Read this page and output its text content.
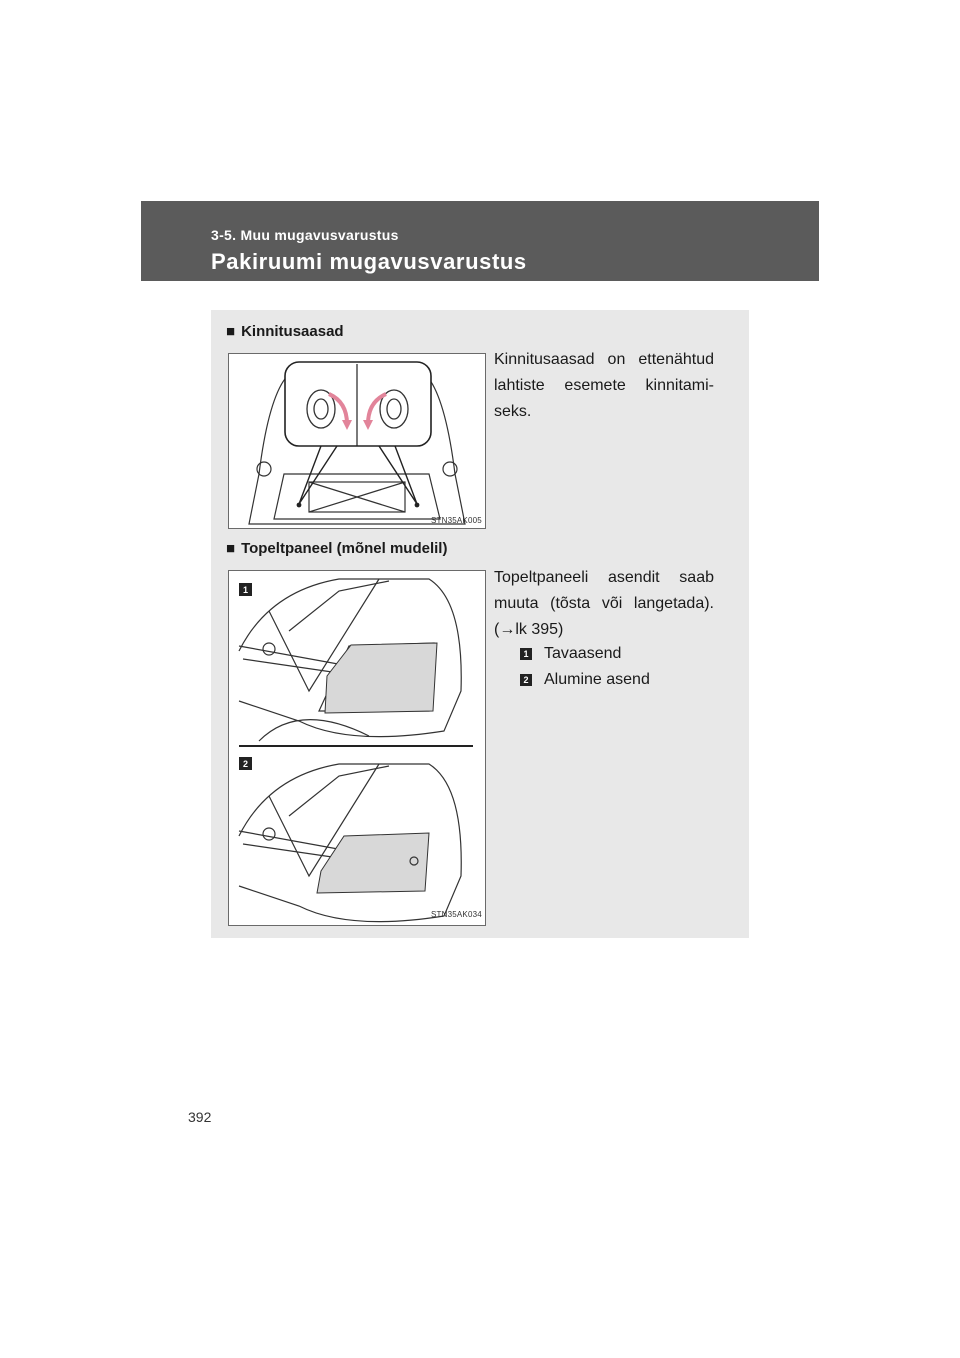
3-5. Muu mugavusvarustus
Pakiruumi mugavusvarustus
■ Kinnitusaasad
STN35AK005
Kinnitusaasad on ettenähtud lahtiste esemete kinnitami-seks.
■ Topeltpaneel (mõnel mudelil)
1
2
STN35AK034
Topeltpaneeli asendit saab muuta (tõsta või langetada). (→lk 395)
1 Tavaasend
2 Alumine asend
392
